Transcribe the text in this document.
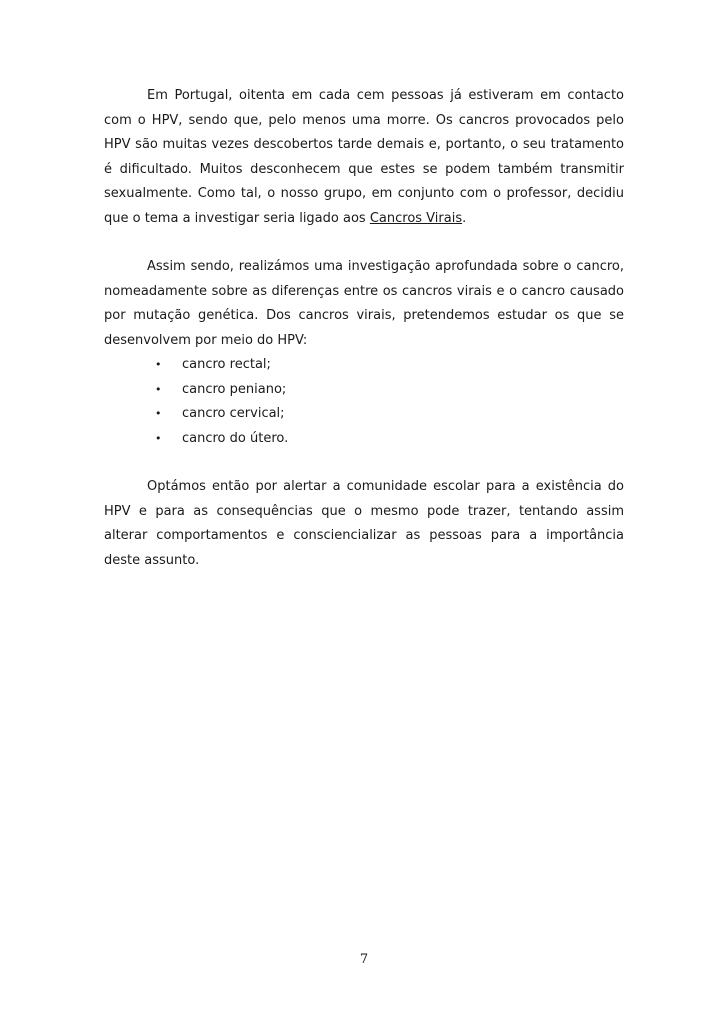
Em Portugal, oitenta em cada cem pessoas já estiveram em contacto com o HPV, sendo que, pelo menos uma morre. Os cancros provocados pelo HPV são muitas vezes descobertos tarde demais e, portanto, o seu tratamento é dificultado. Muitos desconhecem que estes se podem também transmitir sexualmente. Como tal, o nosso grupo, em conjunto com o professor, decidiu que o tema a investigar seria ligado aos Cancros Virais.

Assim sendo, realizámos uma investigação aprofundada sobre o cancro, nomeadamente sobre as diferenças entre os cancros virais e o cancro causado por mutação genética. Dos cancros virais, pretendemos estudar os que se desenvolvem por meio do HPV:

•	cancro rectal;
•	cancro peniano;
•	cancro cervical;
•	cancro do útero.

Optámos então por alertar a comunidade escolar para a existência do HPV e para as consequências que o mesmo pode trazer, tentando assim alterar comportamentos e consciencializar as pessoas para a importância deste assunto.

7
